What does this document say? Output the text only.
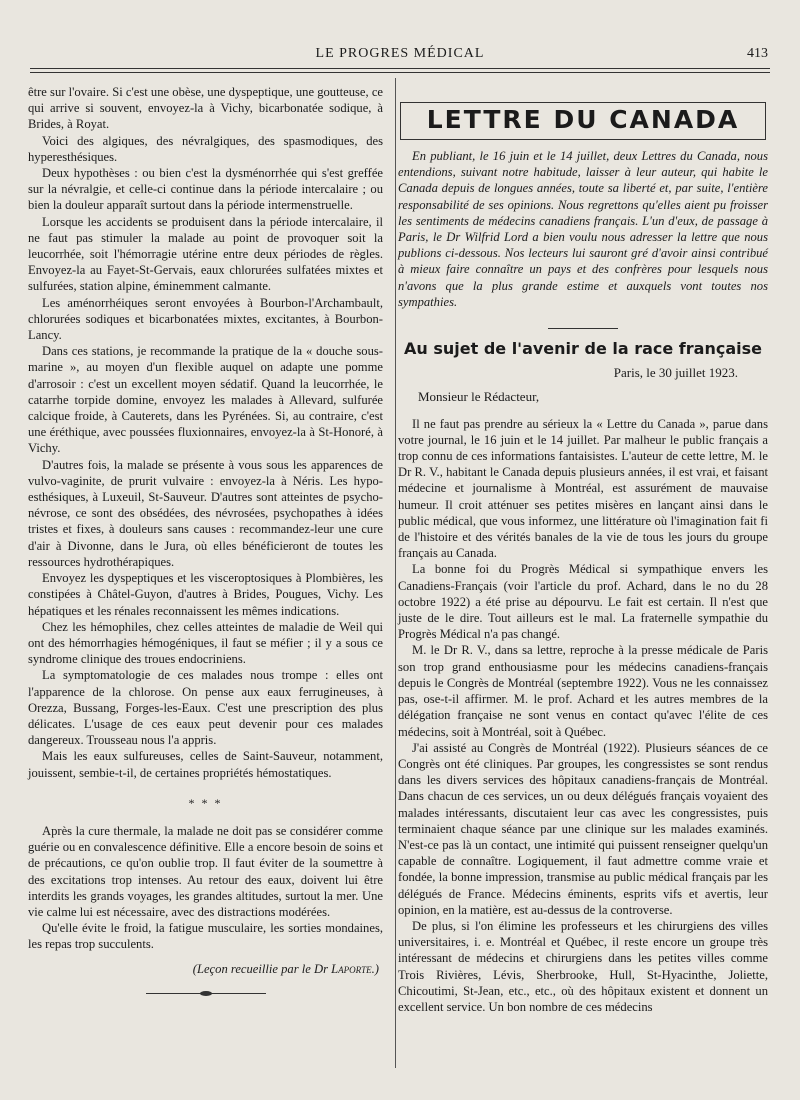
LE PROGRES MÉDICAL	413

être sur l'ovaire. Si c'est une obèse, une dyspeptique, une goutteuse, ce qui arrive si souvent, envoyez-la à Vichy, bicarbonatée sodique, à Brides, à Royat.

Voici des algiques, des névralgiques, des spasmodiques, des hyperesthésiques.

Deux hypothèses : ou bien c'est la dysménorrhée qui s'est greffée sur la névralgie, et celle-ci continue dans la période intercalaire ; ou bien la douleur apparaît surtout dans la période intermenstruelle.

Lorsque les accidents se produisent dans la période intercalaire, il ne faut pas stimuler la malade au point de provoquer soit la leucorrhée, soit l'hémorragie utérine entre deux périodes de règles. Envoyez-la au Fayet-St-Gervais, eaux chlorurées sulfatées mixtes et sulfurées, station alpine, éminemment calmante.

Les aménorrhéiques seront envoyées à Bourbon-l'Archambault, chlorurées sodiques et bicarbonatées mixtes, excitantes, à Bourbon-Lancy.

Dans ces stations, je recommande la pratique de la « douche sous-marine », au moyen d'un flexible auquel on adapte une pomme d'arrosoir : c'est un excellent moyen sédatif. Quand la leucorrhée, le catarrhe torpide domine, envoyez les malades à Allevard, sulfurée calcique froide, à Cauterets, dans les Pyrénées. Si, au contraire, c'est une éréthique, avec poussées fluxionnaires, envoyez-la à St-Honoré, à Vichy.

D'autres fois, la malade se présente à vous sous les apparences de vulvo-vaginite, de prurit vulvaire : envoyez-la à Néris. Les hypo-esthésiques, à Luxeuil, St-Sauveur. D'autres sont atteintes de psycho-névrose, ce sont des obsédées, des névrosées, psychopathes à idées tristes et fixes, à douleurs sans causes : recommandez-leur une cure d'air à Divonne, dans le Jura, où elles bénéficieront de toutes les ressources hydrothérapiques.

Envoyez les dyspeptiques et les visceroptosiques à Plombières, les constipées à Châtel-Guyon, d'autres à Brides, Pougues, Vichy. Les hépatiques et les rénales reconnaissent les mêmes indications.

Chez les hémophiles, chez celles atteintes de maladie de Weil qui ont des hémorrhagies hémogéniques, il faut se méfier ; il y a sous ce syndrome clinique des troues endocriniens.

La symptomatologie de ces malades nous trompe : elles ont l'apparence de la chlorose. On pense aux eaux ferrugineuses, à Orezza, Bussang, Forges-les-Eaux. C'est une prescription des plus délicates. L'usage de ces eaux peut devenir pour ces malades dangereux. Trousseau nous l'a appris.

Mais les eaux sulfureuses, celles de Saint-Sauveur, notamment, jouissent, sembie-t-il, de certaines propriétés hémostatiques.

* * *

Après la cure thermale, la malade ne doit pas se considérer comme guérie ou en convalescence définitive. Elle a encore besoin de soins et de précautions, ce qu'on oublie trop. Il faut éviter de la soumettre à des excitations trop intenses. Au retour des eaux, doivent lui être interdits les grands voyages, les grandes altitudes, surtout la mer. Une vie calme lui est nécessaire, avec des distractions modérées.

Qu'elle évite le froid, la fatigue musculaire, les sorties mondaines, les repas trop succulents.

(Leçon recueillie par le Dr Laporte.)
LETTRE DU CANADA

En publiant, le 16 juin et le 14 juillet, deux Lettres du Canada, nous entendions, suivant notre habitude, laisser à leur auteur, qui habite le Canada depuis de longues années, toute sa liberté et, par suite, l'entière responsabilité de ses opinions. Nous regrettons qu'elles aient pu froisser les sentiments de médecins canadiens français. L'un d'eux, de passage à Paris, le Dr Wilfrid Lord a bien voulu nous adresser la lettre que nous publions ci-dessous. Nos lecteurs lui sauront gré d'avoir ainsi contribué à mieux faire connaître un pays et des confrères pour lesquels nous n'avons que la plus grande estime et auxquels vont toutes nos sympathies.

Au sujet de l'avenir de la race française
Paris, le 30 juillet 1923.
Monsieur le Rédacteur,

Il ne faut pas prendre au sérieux la « Lettre du Canada », parue dans votre journal, le 16 juin et le 14 juillet. Par malheur le public français a trop connu de ces informations fantaisistes. L'auteur de cette lettre, M. le Dr R. V., habitant le Canada depuis plusieurs années, il est vrai, et faisant médecine et journalisme à Montréal, est assurément de mauvaise humeur. Il croit atténuer ses petites misères en lançant ainsi dans le public médical, que vous informez, une littérature où l'imagination fait fi de l'histoire et des vérités banales de la vie de tous les jours du groupe français au Canada.

La bonne foi du Progrès Médical si sympathique envers les Canadiens-Français (voir l'article du prof. Achard, dans le no du 28 octobre 1922) a été prise au dépourvu. Le fait est certain. Il n'est que juste de le dire. Tout ailleurs est le mal. La fraternelle sympathie du Progrès Médical n'a pas changé.

M. le Dr R. V., dans sa lettre, reproche à la presse médicale de Paris son trop grand enthousiasme pour les médecins canadiens-français depuis le Congrès de Montréal (septembre 1922). Vous ne les connaissez pas, ose-t-il affirmer. M. le prof. Achard et les autres membres de la délégation française ne sont venus en contact qu'avec l'élite de ces médecins, soit à Montréal, soit à Québec.

J'ai assisté au Congrès de Montréal (1922). Plusieurs séances de ce Congrès ont été cliniques. Par groupes, les congressistes se sont rendus dans les divers services des hôpitaux canadiens-français de Montréal. Dans chacun de ces services, un ou deux délégués français voyaient des malades intéressants, discutaient leur cas avec les congressistes, puis terminaient chaque séance par une clinique sur les malades examinés. N'est-ce pas là un contact, une intimité qui puissent renseigner quelqu'un capable de connaître. Logiquement, il faut admettre comme vraie et fondée, la bonne impression, transmise au public médical français par les délégués de France. Médecins éminents, esprits vifs et avertis, leur opinion, en la matière, est au-dessus de la controverse.

De plus, si l'on élimine les professeurs et les chirurgiens des villes universitaires, i. e. Montréal et Québec, il reste encore un groupe très intéressant de médecins et chirurgiens dans les petites villes comme Trois Rivières, Lévis, Sherbrooke, Hull, St-Hyacinthe, Joliette, Chicoutimi, St-Jean, etc., etc., où des hôpitaux existent et donnent un excellent service. Un bon nombre de ces médecins
